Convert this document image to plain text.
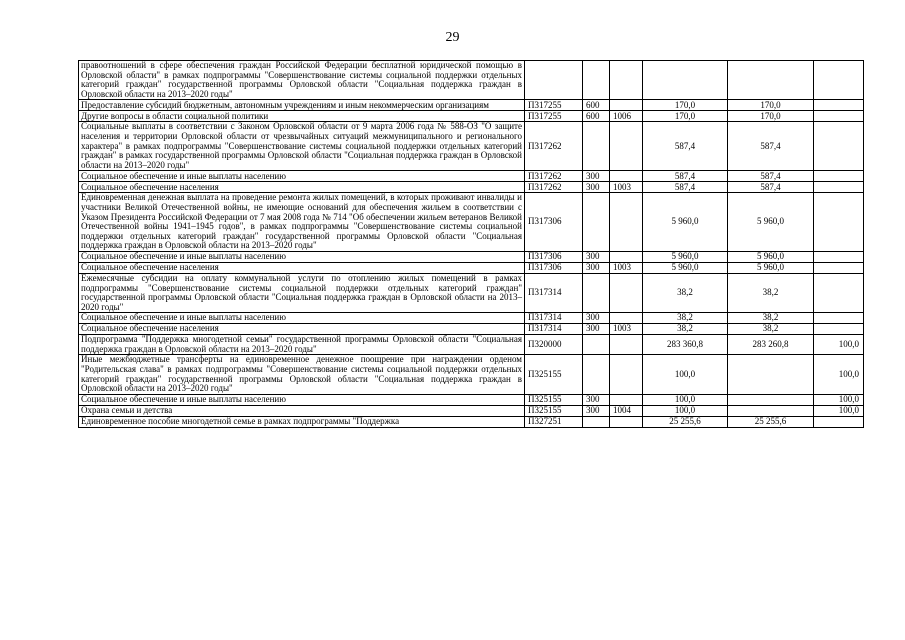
29
правоотношений в сфере обеспечения граждан Российской Федерации бесплатной юридической помощью в Орловской области" в рамках подпрограммы "Совершенствование системы социальной поддержки отдельных категорий граждан" государственной программы Орловской области "Социальная поддержка граждан в Орловской области на 2013–2020 годы"						
Предоставление субсидий бюджетным, автономным учреждениям и иным некоммерческим организациям	П317255	600		170,0	170,0	
Другие вопросы в области социальной политики	П317255	600	1006	170,0	170,0	
Социальные выплаты в соответствии с Законом Орловской области от 9 марта 2006 года № 588-ОЗ "О защите населения и территории Орловской области от чрезвычайных ситуаций межмуниципального и регионального характера" в рамках подпрограммы "Совершенствование системы социальной поддержки отдельных категорий граждан" в рамках государственной программы Орловской области "Социальная поддержка граждан в Орловской области на 2013–2020 годы"	П317262			587,4	587,4	
Социальное обеспечение и иные выплаты населению	П317262	300		587,4	587,4	
Социальное обеспечение населения	П317262	300	1003	587,4	587,4	
Единовременная денежная выплата на проведение ремонта жилых помещений, в которых проживают инвалиды и участники Великой Отечественной войны, не имеющие оснований для обеспечения жильем в соответствии с Указом Президента Российской Федерации от 7 мая 2008 года № 714 "Об обеспечении жильем ветеранов Великой Отечественной войны 1941–1945 годов", в рамках подпрограммы "Совершенствование системы социальной поддержки отдельных категорий граждан" государственной программы Орловской области "Социальная поддержка граждан в Орловской области на 2013–2020 годы"	П317306			5 960,0	5 960,0	
Социальное обеспечение и иные выплаты населению	П317306	300		5 960,0	5 960,0	
Социальное обеспечение населения	П317306	300	1003	5 960,0	5 960,0	
Ежемесячные субсидии на оплату коммунальной услуги по отоплению жилых помещений в рамках подпрограммы "Совершенствование системы социальной поддержки отдельных категорий граждан" государственной программы Орловской области "Социальная поддержка граждан в Орловской области на 2013–2020 годы"	П317314			38,2	38,2	
Социальное обеспечение и иные выплаты населению	П317314	300		38,2	38,2	
Социальное обеспечение населения	П317314	300	1003	38,2	38,2	
Подпрограмма "Поддержка многодетной семьи" государственной программы Орловской области "Социальная поддержка граждан в Орловской области на 2013–2020 годы"	П320000			283 360,8	283 260,8	100,0
Иные межбюджетные трансферты на единовременное денежное поощрение при награждении орденом "Родительская слава" в рамках подпрограммы "Совершенствование системы социальной поддержки отдельных категорий граждан" государственной программы Орловской области "Социальная поддержка граждан в Орловской области на 2013–2020 годы"	П325155			100,0		100,0
Социальное обеспечение и иные выплаты населению	П325155	300		100,0		100,0
Охрана семьи и детства	П325155	300	1004	100,0		100,0
Единовременное пособие многодетной семье в рамках подпрограммы "Поддержка	П327251			25 255,6	25 255,6	
